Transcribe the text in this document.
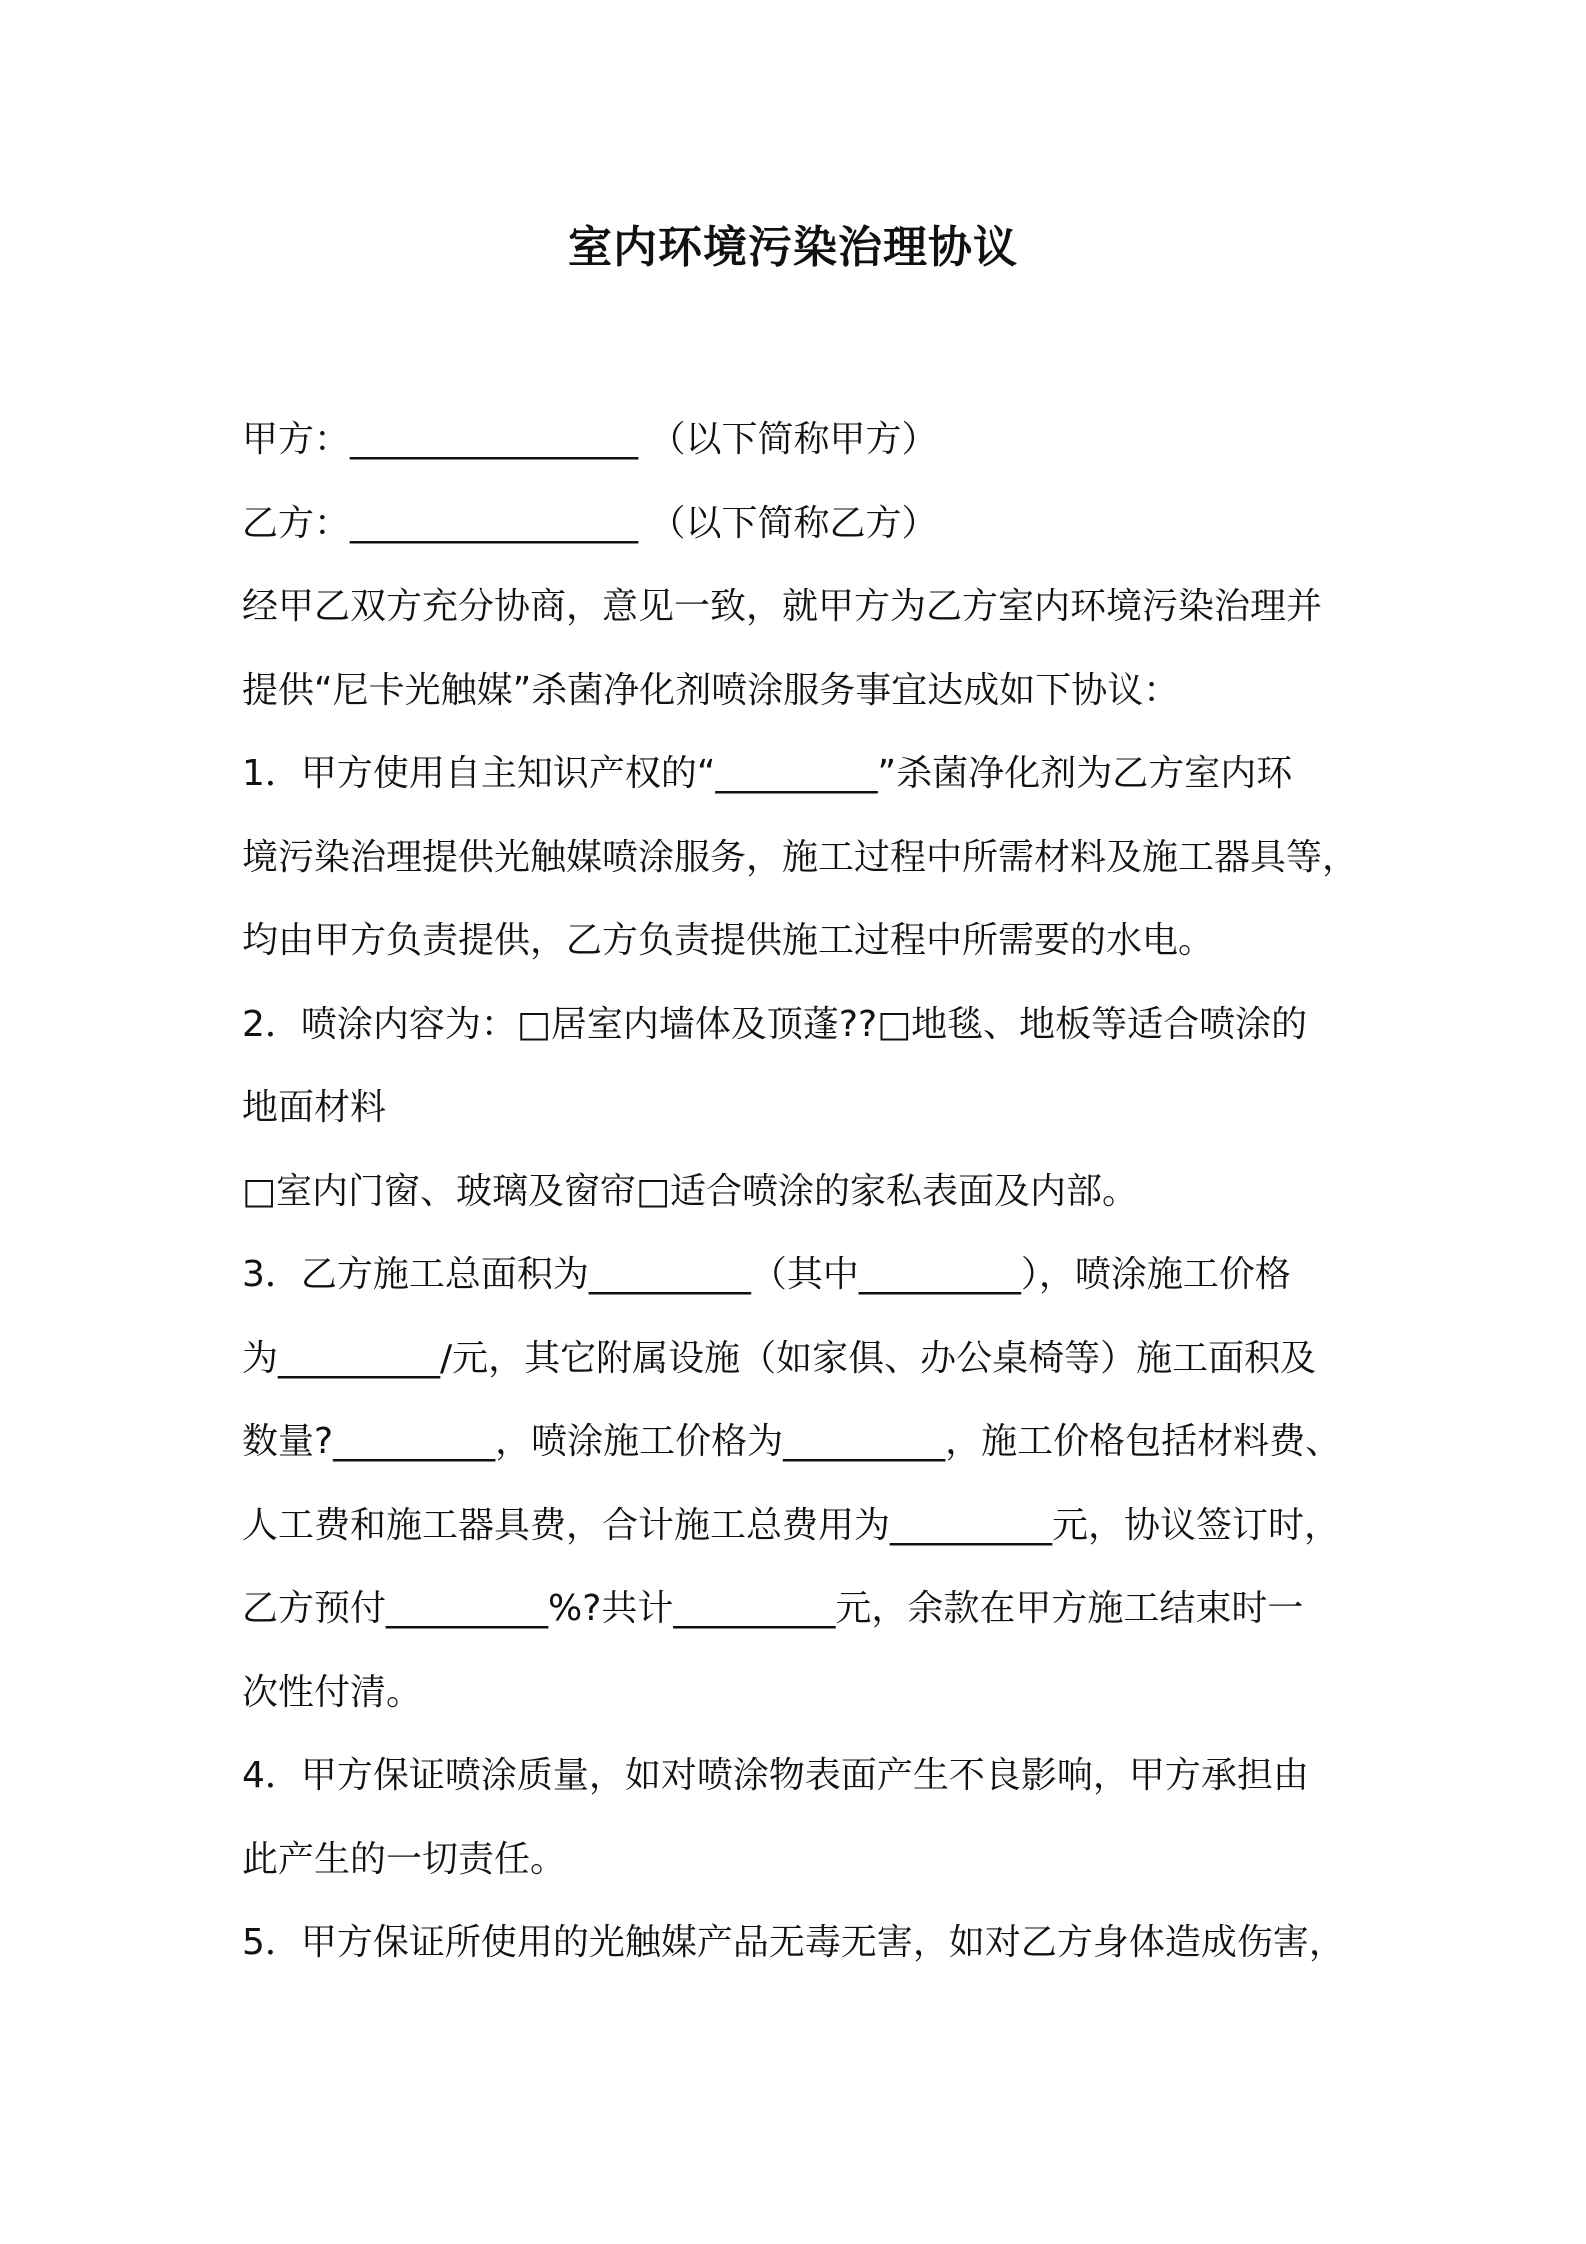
室内环境污染治理协议
甲方：________________ （以下简称甲方）
乙方：________________ （以下简称乙方）
经甲乙双方充分协商，意见一致，就甲方为乙方室内环境污染治理并
提供“尼卡光触媒”杀菌净化剂喷涂服务事宜达成如下协议：
1．甲方使用自主知识产权的“_________”杀菌净化剂为乙方室内环
境污染治理提供光触媒喷涂服务，施工过程中所需材料及施工器具等，
均由甲方负责提供，乙方负责提供施工过程中所需要的水电。
2．喷涂内容为：□居室内墙体及顶蓬??□地毯、地板等适合喷涂的
地面材料
□室内门窗、玻璃及窗帘□适合喷涂的家私表面及内部。
3．乙方施工总面积为_________（其中_________），喷涂施工价格
为_________/元，其它附属设施（如家俱、办公桌椅等）施工面积及
数量?_________，喷涂施工价格为_________，施工价格包括材料费、
人工费和施工器具费，合计施工总费用为_________元，协议签订时，
乙方预付_________%?共计_________元，余款在甲方施工结束时一
次性付清。
4．甲方保证喷涂质量，如对喷涂物表面产生不良影响，甲方承担由
此产生的一切责任。
5．甲方保证所使用的光触媒产品无毒无害，如对乙方身体造成伤害，
